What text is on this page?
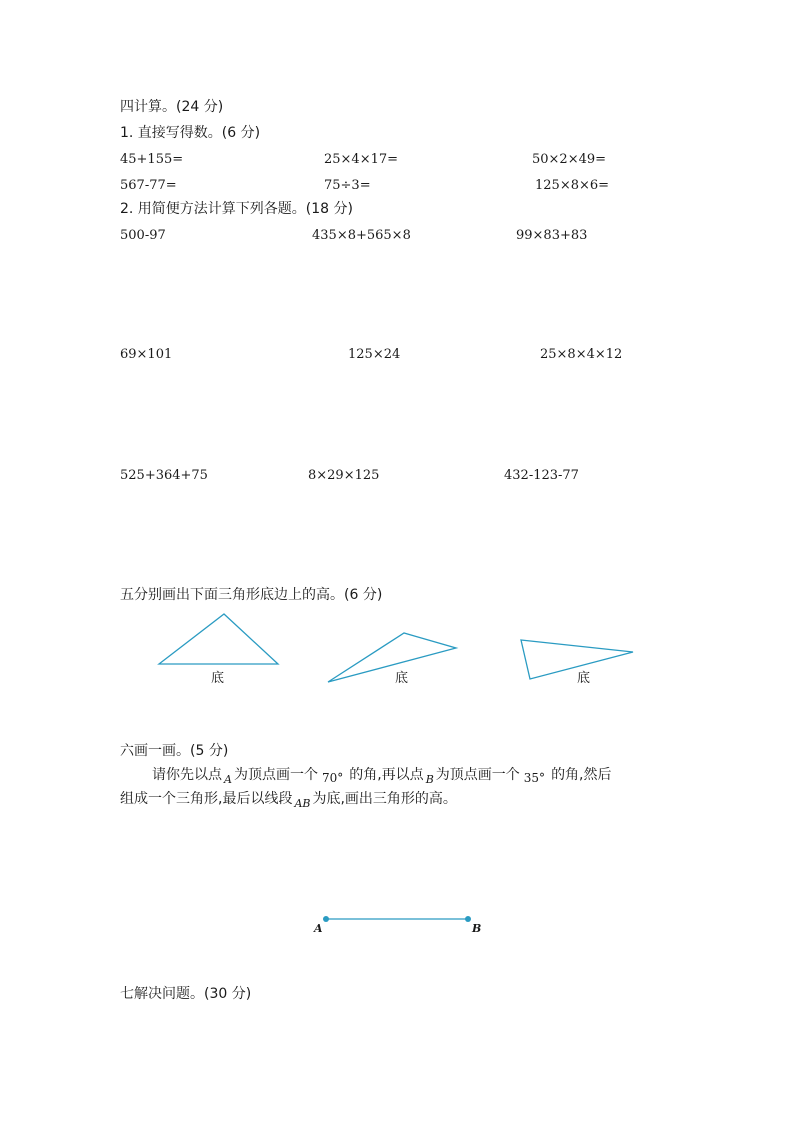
四计算。(24 分)
1. 直接写得数。(6 分)
45+155=	25×4×17=	50×2×49=
567-77=	75÷3=	125×8×6=
2. 用简便方法计算下列各题。(18 分)
500-97	435×8+565×8	99×83+83
69×101	125×24	25×8×4×12
525+364+75	8×29×125	432-123-77
五分别画出下面三角形底边上的高。(6 分)
底	底	底
六画一画。(5 分)
请你先以点 $_A$ 为顶点画一个 70° 的角,再以点 $_B$ 为顶点画一个 35° 的角,然后
组成一个三角形,最后以线段 $_{AB}$ 为底,画出三角形的高。
A	B
七解决问题。(30 分)
